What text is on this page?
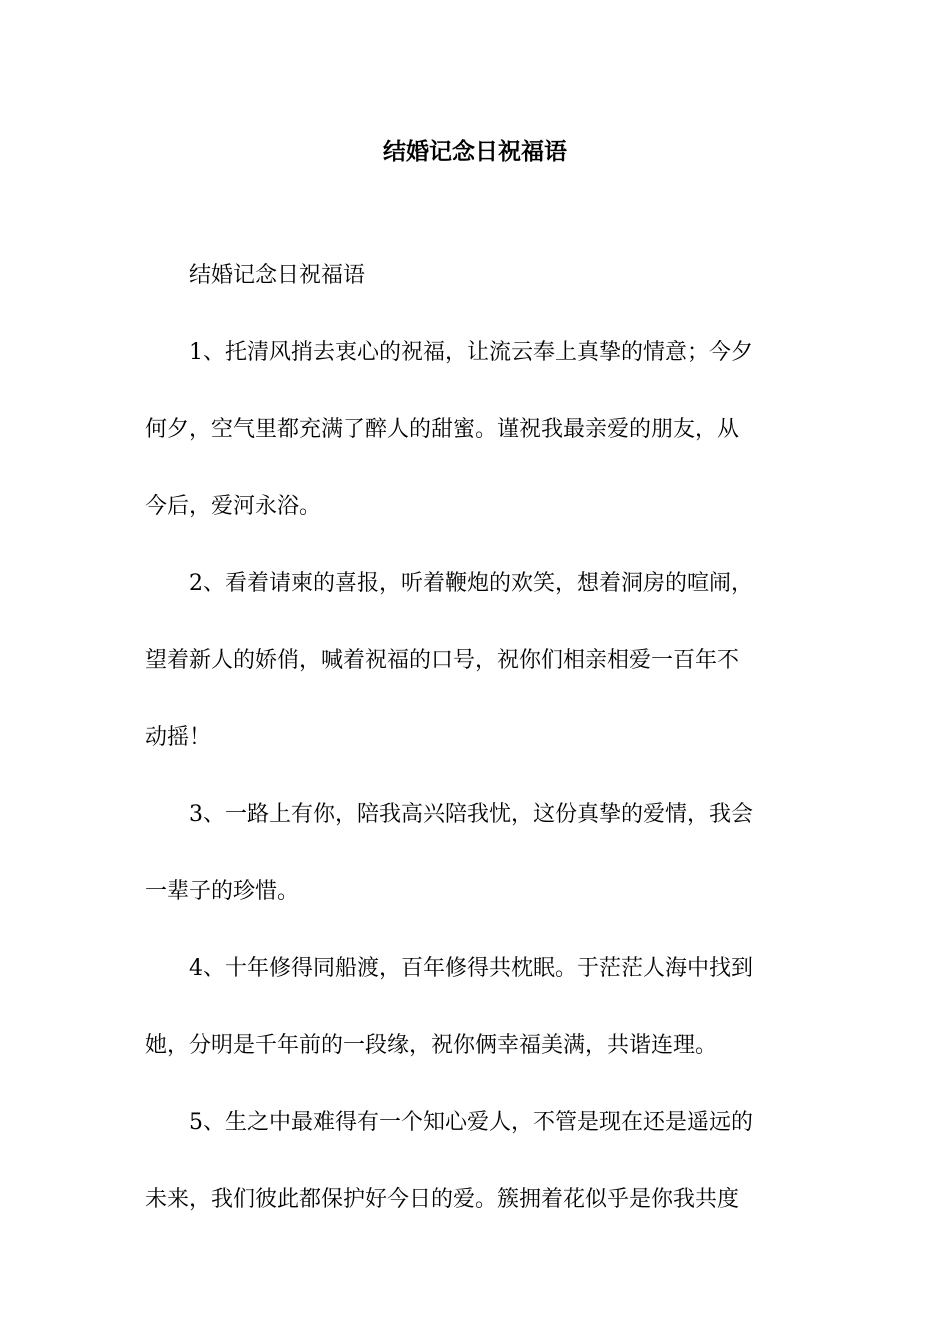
结婚记念日祝福语

结婚记念日祝福语

1、托清风捎去衷心的祝福，让流云奉上真挚的情意；今夕
何夕，空气里都充满了醉人的甜蜜。谨祝我最亲爱的朋友，从
今后，爱河永浴。
2、看着请柬的喜报，听着鞭炮的欢笑，想着洞房的喧闹，
望着新人的娇俏，喊着祝福的口号，祝你们相亲相爱一百年不
动摇！
3、一路上有你，陪我高兴陪我忧，这份真挚的爱情，我会
一辈子的珍惜。
4、十年修得同船渡，百年修得共枕眠。于茫茫人海中找到
她，分明是千年前的一段缘，祝你俩幸福美满，共谐连理。
5、生之中最难得有一个知心爱人，不管是现在还是遥远的
未来，我们彼此都保护好今日的爱。簇拥着花似乎是你我共度
